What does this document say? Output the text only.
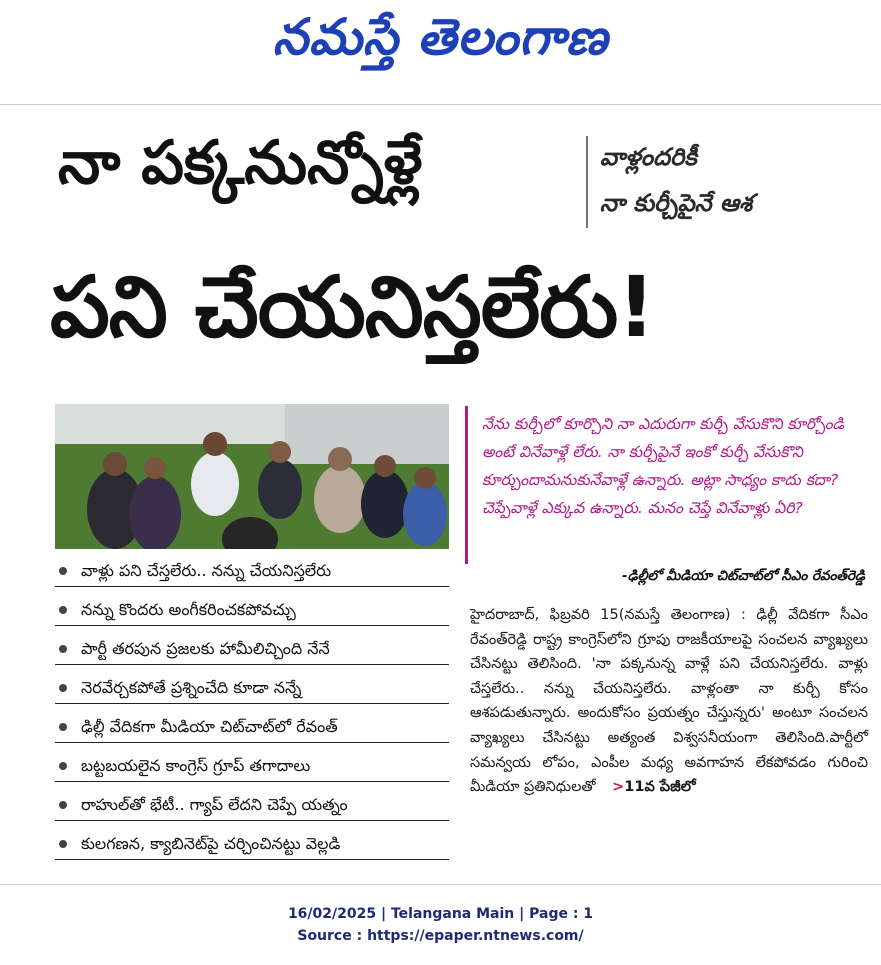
నమస్తే తెలంగాణ
నా పక్కనున్నోళ్లే	వాళ్లందరికీ
నా కుర్చీపైనే ఆశ
పని చేయనిస్తలేరు!
వాళ్లు పని చేస్తలేరు.. నన్ను చేయనిస్తలేరు
నన్ను కొందరు అంగీకరించకపోవచ్చు
పార్టీ తరపున ప్రజలకు హామీలిచ్చింది నేనే
నెరవేర్చకపోతే ప్రశ్నించేది కూడా నన్నే
ఢిల్లీ వేదికగా మీడియా చిట్‌చాట్‌లో రేవంత్
బట్టబయలైన కాంగ్రెస్ గ్రూప్ తగాదాలు
రాహుల్‌తో భేటీ.. గ్యాప్ లేదని చెప్పే యత్నం
కులగణన, క్యాబినెట్‌పై చర్చించినట్టు వెల్లడి
నేను కుర్చీలో కూర్చొని నా ఎదురుగా కుర్చీ వేసుకొని కూర్చోండి అంటే వినేవాళ్లే లేరు. నా కుర్చీపైనే ఇంకో కుర్చీ వేసుకొని కూర్చుందామనుకునేవాళ్లే ఉన్నారు. అట్లా సాధ్యం కాదు కదా? చెప్పేవాళ్లే ఎక్కువ ఉన్నారు. మనం చెప్తే వినేవాళ్లు ఏరి?
-ఢిల్లీలో మీడియా చిట్‌చాట్‌లో సీఎం రేవంత్‌రెడ్డి

హైదరాబాద్, ఫిబ్రవరి 15(నమస్తే తెలంగాణ) : ఢిల్లీ వేదికగా సీఎం రేవంత్‌రెడ్డి రాష్ట్ర కాంగ్రెస్‌లోని గ్రూపు రాజకీయాలపై సంచలన వ్యాఖ్యలు చేసినట్టు తెలిసింది. 'నా పక్కనున్న వాళ్లే పని చేయనిస్తలేరు. వాళ్లు చేస్తలేరు.. నన్ను చేయనిస్తలేరు. వాళ్లంతా నా కుర్చీ కోసం ఆశపడుతున్నారు. అందుకోసం ప్రయత్నం చేస్తున్నరు' అంటూ సంచలన వ్యాఖ్యలు చేసినట్టు అత్యంత విశ్వసనీయంగా తెలిసింది.పార్టీలో సమన్వయ లోపం, ఎంపీల మధ్య అవగాహన లేకపోవడం గురించి మీడియా ప్రతినిధులతో >11వ పేజీలో

16/02/2025 | Telangana Main | Page : 1
Source : https://epaper.ntnews.com/
